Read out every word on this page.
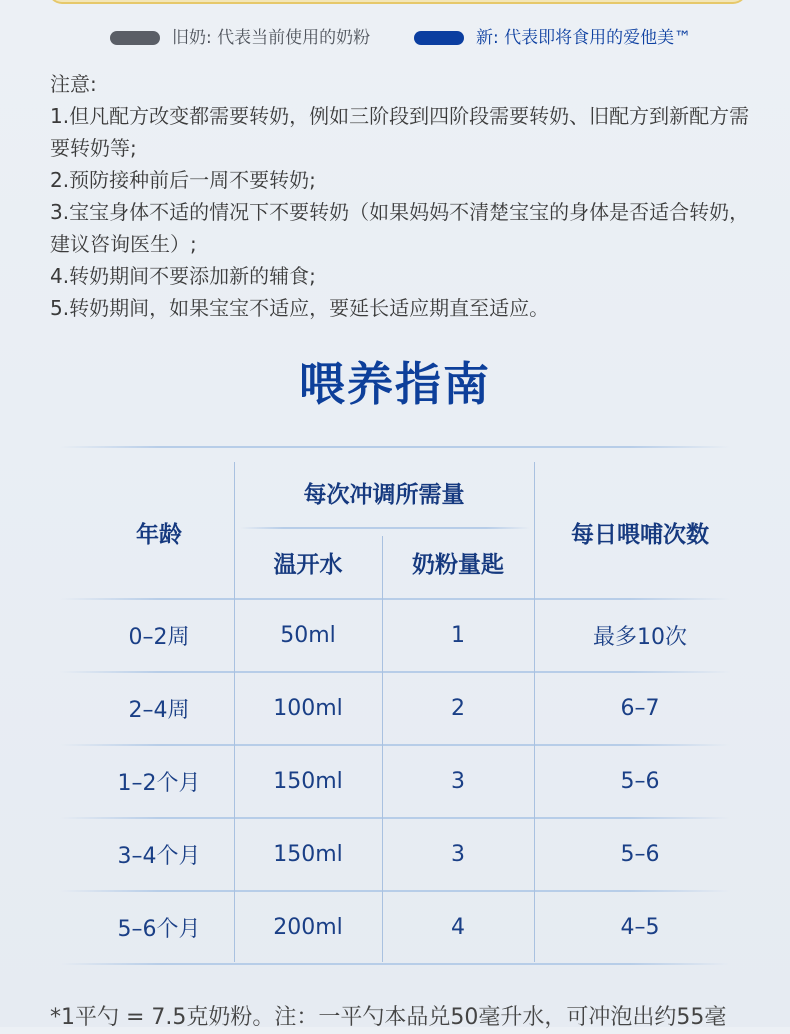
旧奶: 代表当前使用的奶粉	新: 代表即将食用的爱他美™

注意:

1.但凡配方改变都需要转奶，例如三阶段到四阶段需要转奶、旧配方到新配方需要转奶等;

2.预防接种前后一周不要转奶;

3.宝宝身体不适的情况下不要转奶（如果妈妈不清楚宝宝的身体是否适合转奶，建议咨询医生）;

4.转奶期间不要添加新的辅食;

5.转奶期间，如果宝宝不适应，要延长适应期直至适应。

喂养指南
年龄
每次冲调所需量
温开水	奶粉量匙
每日喂哺次数
0–2周	50ml	1	最多10次
2–4周	100ml	2	6–7
1–2个月	150ml	3	5–6
3–4个月	150ml	3	5–6
5–6个月	200ml	4	4–5
*1平勺 = 7.5克奶粉。注：一平勺本品兑50毫升水，可冲泡出约55毫
